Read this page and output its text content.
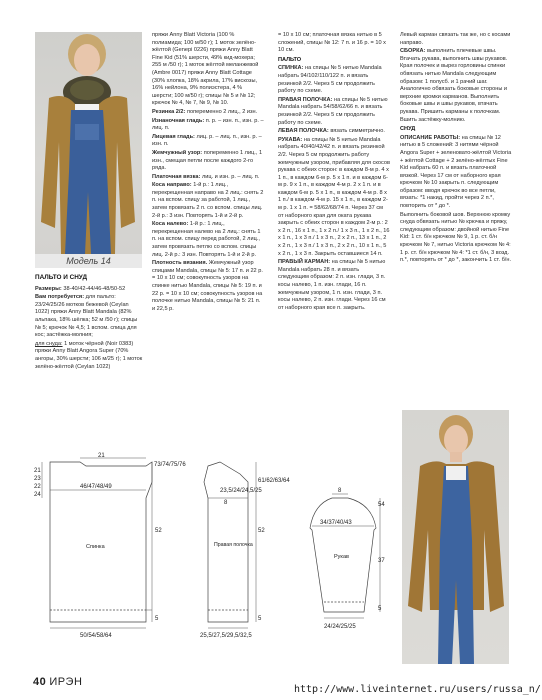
Модель 14

ПАЛЬТО И СНУД

Размеры: 38-40/42-44/46-48/50-52

Вам потребуется: для пальто: 23/24/25/26 мотков бежевой (Ceylan 1022) пряжи Anny Blatt Mandala (82% альпака, 18% шёлка; 52 м /50 г); спицы № 5; крючок № 4,5; 1 вспом. спица для кос; застёжка-молния;

для снуда: 1 моток чёрной (Noir 0383) пряжи Anny Blatt Angora Super (70% ангоры, 30% шерсти; 106 м/25 г); 1 моток зелёно-жёлтой (Ceylan 1022)

пряжи Anny Blatt Victoria (100 % полиамида; 100 м/50 г); 1 моток зелёно-жёлтой (Genepi 0226) пряжи Anny Blatt Fine Kid (51% шерсти, 49% кид-мохера; 255 м /50 г); 1 моток жёлтой меланжевой (Ambre 0017) пряжи Anny Blatt Cottage (30% хлопка, 18% акрила, 17% вискозы, 16% нейлона, 9% полиэстера, 4 % шерсти; 100 м/50 г); спицы № 5 и № 12; крючок № 4, № 7, № 9, № 10.

Резинка 2/2: попеременно 2 лиц., 2 изн.

Изнаночная гладь: п. р. – изн. п., изн. р. – лиц. п.

Лицевая гладь: лиц. р. – лиц. п., изн. р. – изн. п.

Жемчужный узор: попеременно 1 лиц., 1 изн., смещая петли после каждого 2-го ряда.

Платочная вязка: лиц. и изн. р. – лиц. п.

Коса направо: 1-й р.: 1 лиц., перекрещенная направо на 2 лиц.: снять 2 п. на вспом. спицу за работой, 1 лиц., затем провязать 2 п. со вспом. спицы лиц. 2-й р.: 3 изн. Повторять 1-й и 2-й р.

Коса налево: 1-й р.: 1 лиц., перекрещенная налево на 2 лиц.: снять 1 п. на вспом. спицу перед работой, 2 лиц., затем провязать петлю со вспом. спицы лиц. 2-й р.: 3 изн. Повторять 1-й и 2-й р.

Плотность вязания. Жемчужный узор спицами Mandala, спицы № 5: 17 п. и 22 р. = 10 х 10 см; совокупность узоров на спинке нитью Mandala, спицы № 5: 19 п. и 22 р. = 10 х 10 см; совокупность узоров на полочке нитью Mandala, спицы № 5: 21 п. и 22,5 р.

= 10 х 10 см; платочная вязка нитью в 5 сложений, спицы № 12: 7 п. и 16 р. = 10 х 10 см.

ПАЛЬТО

СПИНКА: на спицы № 5 нитью Mandala набрать 94/102/110/122 п. и вязать резинкой 2/2. Через 5 см продолжить работу по схеме.

ПРАВАЯ ПОЛОЧКА: на спицы № 5 нитью Mandala набрать 54/58/62/66 п. и вязать резинкой 2/2. Через 5 см продолжить работу по схеме.

ЛЕВАЯ ПОЛОЧКА: вязать симметрично.

РУКАВА: на спицы № 5 нитью Mandala набрать 40/40/42/42 п. и вязать резинкой 2/2. Через 5 см продолжить работу жемчужным узором, прибавляя для скосов рукава с обеих сторон: в каждом 8-м р. 4 х 1 п., в каждом 6-м р. 5 х 1 п. и в каждом 6-м р. 9 х 1 п., в каждом 4-м р. 2 х 1 п. и в каждом 6-м р. 5 х 1 п., в каждом 4-м р. 8 х 1 п./ в каждом 4-м р. 15 х 1 п., в каждом 2-м р. 1 х 1 п. = 58/62/68/74 п. Через 37 см от наборного края для оката рукава закрыть с обеих сторон в каждом 2-м р.: 2 х 2 п., 16 х 1 п., 1 х 2 п./ 1 х 3 п., 1 х 2 п., 16 х 1 п., 1 х 3 п./ 1 х 3 п., 2 х 2 п., 13 х 1 п., 2 х 2 п., 1 х 3 п./ 1 х 3 п., 2 х 2 п., 10 х 1 п., 5 х 2 п., 1 х 3 п. Закрыть оставшиеся 14 п.

ПРАВЫЙ КАРМАН: на спицы № 5 нитью Mandala набрать 28 п. и вязать следующим образом: 2 п. изн. глади, 3 п. косы налево, 1 п. изн. глади, 16 п. жемчужным узором, 1 п. изн. глади, 3 п. косы налево, 2 п. изн. глади. Через 16 см от наборного края все п. закрыть.

Левый карман связать так же, но с косами направо.

СБОРКА: выполнить плечевые швы. Втачать рукава, выполнить швы рукавов. Края полочек и вырез горловины спинки обвязать нитью Mandala следующим образом: 1 полусб. и 1 рачий шаг. Аналогично обвязать боковые стороны и верхние кромки карманов. Выполнить боковые швы и швы рукавов, втачать рукава. Пришить карманы к полочкам. Вшить застёжку-молнию.

СНУД

ОПИСАНИЕ РАБОТЫ: на спицы № 12 нитью в 5 сложений: 3 нитями чёрной Angora Super + зеленовато-жёлтой Victoria + жёлтой Cottage + 2 зелёно-жёлтых Fine Kid набрать 60 п. и вязать платочной вязкой. Через 17 см от наборного края крючком № 10 закрыть п. следующим образом: вводя крючок во все петли, вязать: *1 накид, пройти через 2 п.*, повторить от * до *.

Выполнить боковой шов. Верхнюю кромку снуда обвязать нитью № крючка и пряжу, следующим образом: двойной нитью Fine Kid: 1 ст. б/н крючком № 9, 1 р. ст. б/н крючком № 7, нитью Victoria крючком № 4: 1 р. ст. б/н крючком № 4: *1 ст. б/н, 3 возд. п.*, повторять от * до *, закончить 1 ст. б/н.

21
21
23
22
24
73/74/75/76
46/47/48/49
52
Спинка
5
50/54/58/64
61/62/63/64
23,5/24/24,5/25
8
52
Правая полочка
5
25,5/27,5/29,5/32,5
8
54
34/37/40/43
37
Рукав
5
24/24/25/25
40 ИРЭН
http://www.liveinternet.ru/users/russa_n/
